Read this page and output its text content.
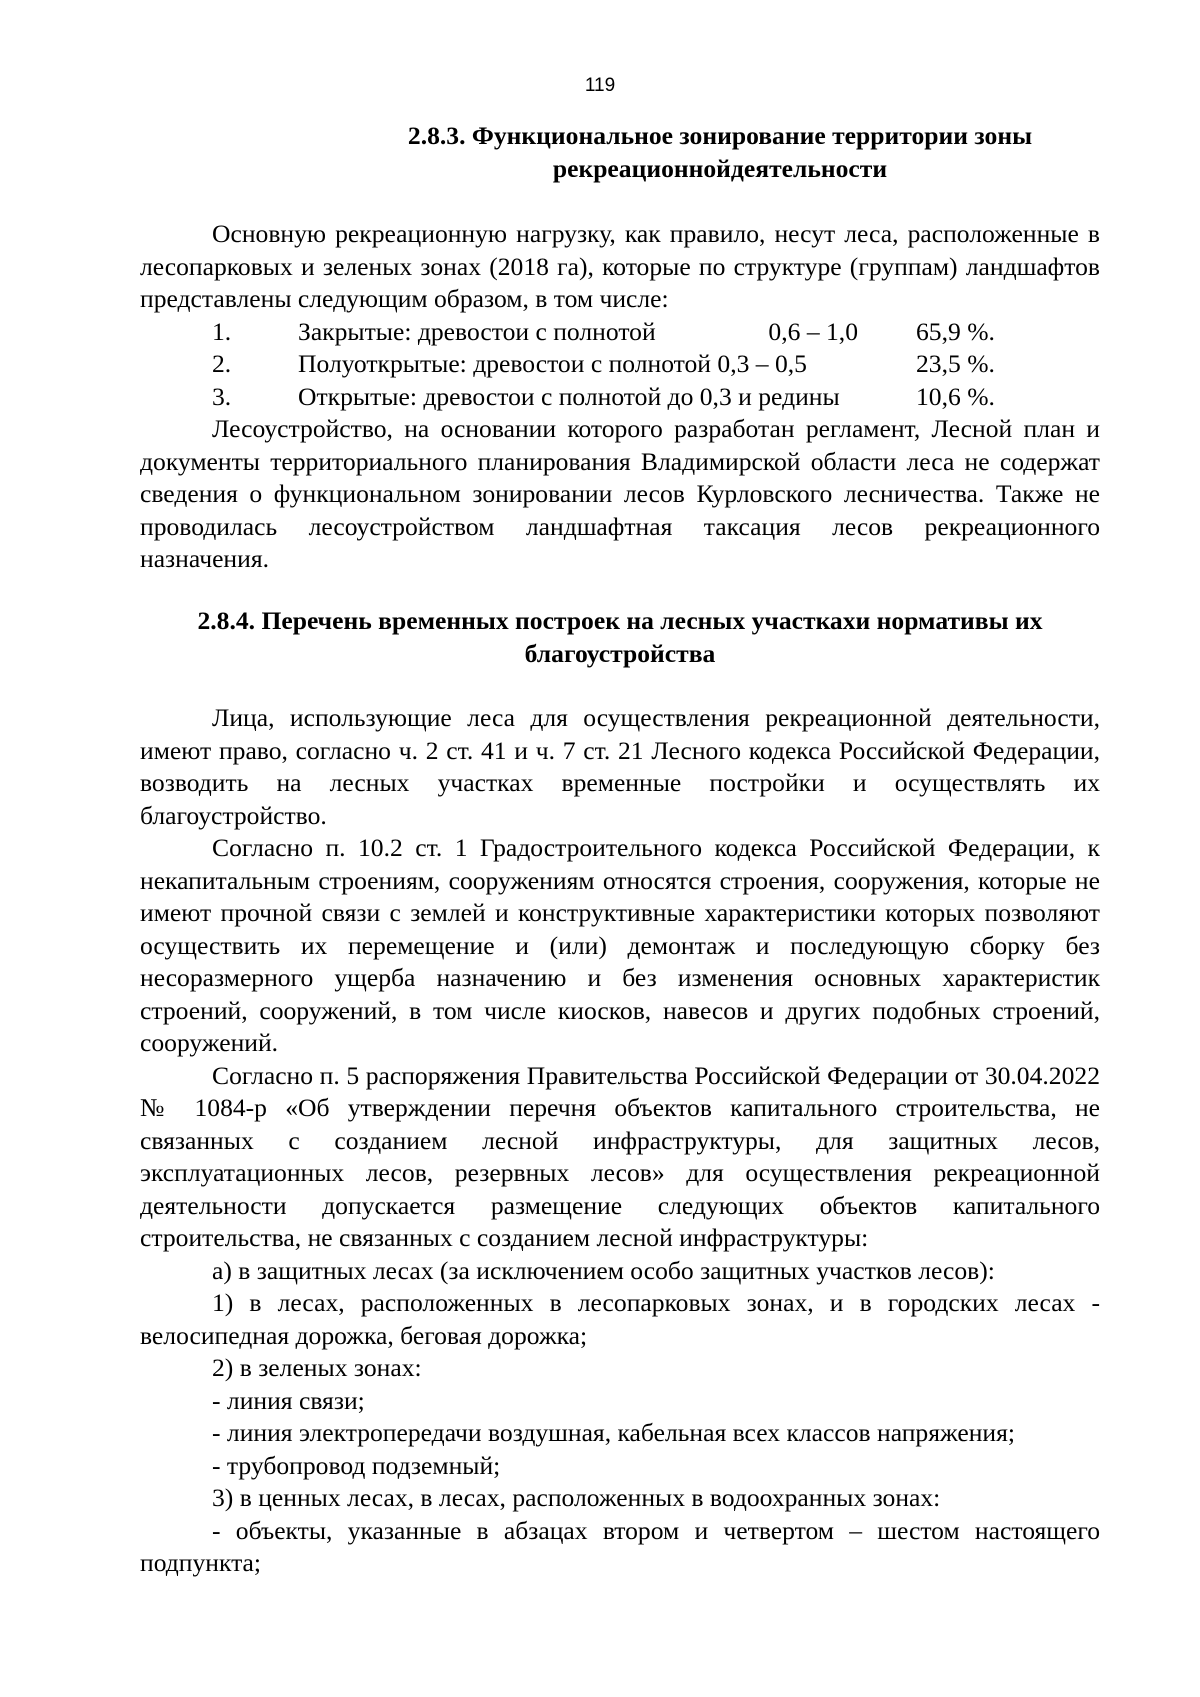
119
2.8.3. Функциональное зонирование территории зоны
рекреационнойдеятельности

Основную рекреационную нагрузку, как правило, несут леса, расположенные в лесопарковых и зеленых зонах (2018 га), которые по структуре (группам) ландшафтов представлены следующим образом, в том числе:

1.	Закрытые: древостои с полнотой	0,6 – 1,0 65,9 %.
2.	Полуоткрытые: древостои с полнотой 0,3 – 0,5	23,5 %.
3.	Открытые: древостои с полнотой до 0,3 и редины	10,6 %.

Лесоустройство, на основании которого разработан регламент, Лесной план и документы территориального планирования Владимирской области леса не содержат сведения о функциональном зонировании лесов Курловского лесничества. Также не проводилась лесоустройством ландшафтная таксация лесов рекреационного назначения.

2.8.4. Перечень временных построек на лесных участкахи нормативы их
благоустройства

Лица, использующие леса для осуществления рекреационной деятельности, имеют право, согласно ч. 2 ст. 41 и ч. 7 ст. 21 Лесного кодекса Российской Федерации, возводить на лесных участках временные постройки и осуществлять их благоустройство.

Согласно п. 10.2 ст. 1 Градостроительного кодекса Российской Федерации, к некапитальным строениям, сооружениям относятся строения, сооружения, которые не имеют прочной связи с землей и конструктивные характеристики которых позволяют осуществить их перемещение и (или) демонтаж и последующую сборку без несоразмерного ущерба назначению и без изменения основных характеристик строений, сооружений, в том числе киосков, навесов и других подобных строений, сооружений.

Согласно п. 5 распоряжения Правительства Российской Федерации от 30.04.2022 № 1084-р «Об утверждении перечня объектов капитального строительства, не связанных с созданием лесной инфраструктуры, для защитных лесов, эксплуатационных лесов, резервных лесов» для осуществления рекреационной деятельности допускается размещение следующих объектов капитального строительства, не связанных с созданием лесной инфраструктуры:

а) в защитных лесах (за исключением особо защитных участков лесов):

1) в лесах, расположенных в лесопарковых зонах, и в городских лесах - велосипедная дорожка, беговая дорожка;

2) в зеленых зонах:

- линия связи;

- линия электропередачи воздушная, кабельная всех классов напряжения;

- трубопровод подземный;

3) в ценных лесах, в лесах, расположенных в водоохранных зонах:

- объекты, указанные в абзацах втором и четвертом – шестом настоящего подпункта;
